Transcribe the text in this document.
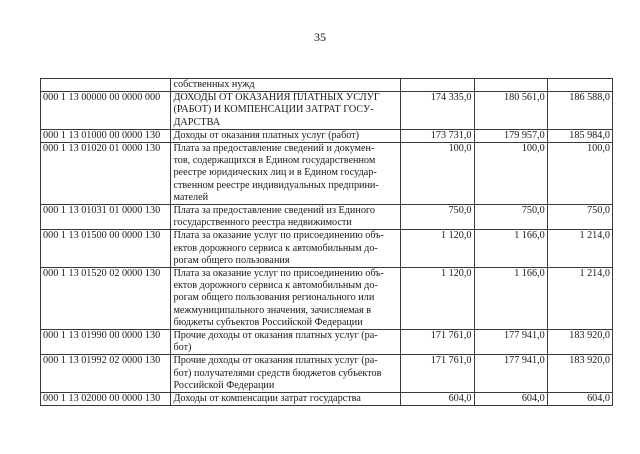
35

	собственных нужд			

000 1 13 00000 00 0000 000	ДОХОДЫ ОТ ОКАЗАНИЯ ПЛАТНЫХ УСЛУГ
(РАБОТ) И КОМПЕНСАЦИИ ЗАТРАТ ГОСУ-
ДАРСТВА	174 335,0	180 561,0	186 588,0
000 1 13 01000 00 0000 130	Доходы от оказания платных услуг (работ)	173 731,0	179 957,0	185 984,0
000 1 13 01020 01 0000 130	Плата за предоставление сведений и докумен-
тов, содержащихся в Едином государственном
реестре юридических лиц и в Едином государ-
ственном реестре индивидуальных предприни-
мателей	100,0	100,0	100,0
000 1 13 01031 01 0000 130	Плата за предоставление сведений из Единого
государственного реестра недвижимости	750,0	750,0	750,0
000 1 13 01500 00 0000 130	Плата за оказание услуг по присоединению объ-
ектов дорожного сервиса к автомобильным до-
рогам общего пользования	1 120,0	1 166,0	1 214,0
000 1 13 01520 02 0000 130	Плата за оказание услуг по присоединению объ-
ектов дорожного сервиса к автомобильным до-
рогам общего пользования регионального или
межмуниципального значения, зачисляемая в
бюджеты субъектов Российской Федерации	1 120,0	1 166,0	1 214,0
000 1 13 01990 00 0000 130	Прочие доходы от оказания платных услуг (ра-
бот)	171 761,0	177 941,0	183 920,0
000 1 13 01992 02 0000 130	Прочие доходы от оказания платных услуг (ра-
бот) получателями средств бюджетов субъектов
Российской Федерации	171 761,0	177 941,0	183 920,0
000 1 13 02000 00 0000 130	Доходы от компенсации затрат государства	604,0	604,0	604,0
